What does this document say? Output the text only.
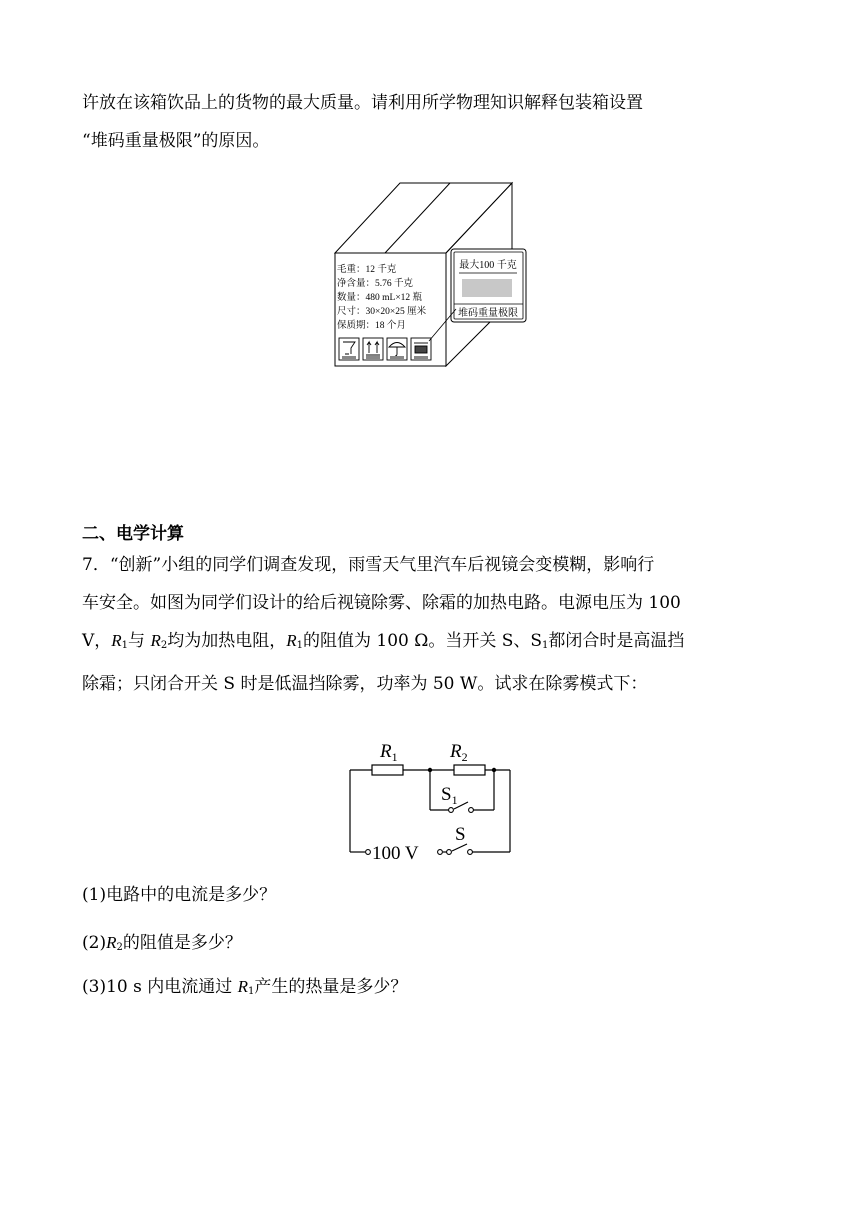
许放在该箱饮品上的货物的最大质量。请利用所学物理知识解释包装箱设置
“堆码重量极限”的原因。
毛重：12 千克
净含量：5.76 千克
数量：480 mL×12 瓶
尺寸：30×20×25 厘米
保质期：18 个月
最大100 千克
堆码重量极限
二、电学计算
7．“创新”小组的同学们调查发现，雨雪天气里汽车后视镜会变模糊，影响行
车安全。如图为同学们设计的给后视镜除雾、除霜的加热电路。电源电压为 100
V，$R_1$与 $R_2$均为加热电阻，$R_1$的阻值为 100 Ω。当开关 S、$S_1$都闭合时是高温挡
除霜；只闭合开关 S 时是低温挡除雾，功率为 50 W。试求在除雾模式下：
$R_1$	$R_2$
$S_1$
S
100 V
(1)电路中的电流是多少？
$(2)R_2$的阻值是多少？
(3)10 s 内电流通过 $R_1$产生的热量是多少？
